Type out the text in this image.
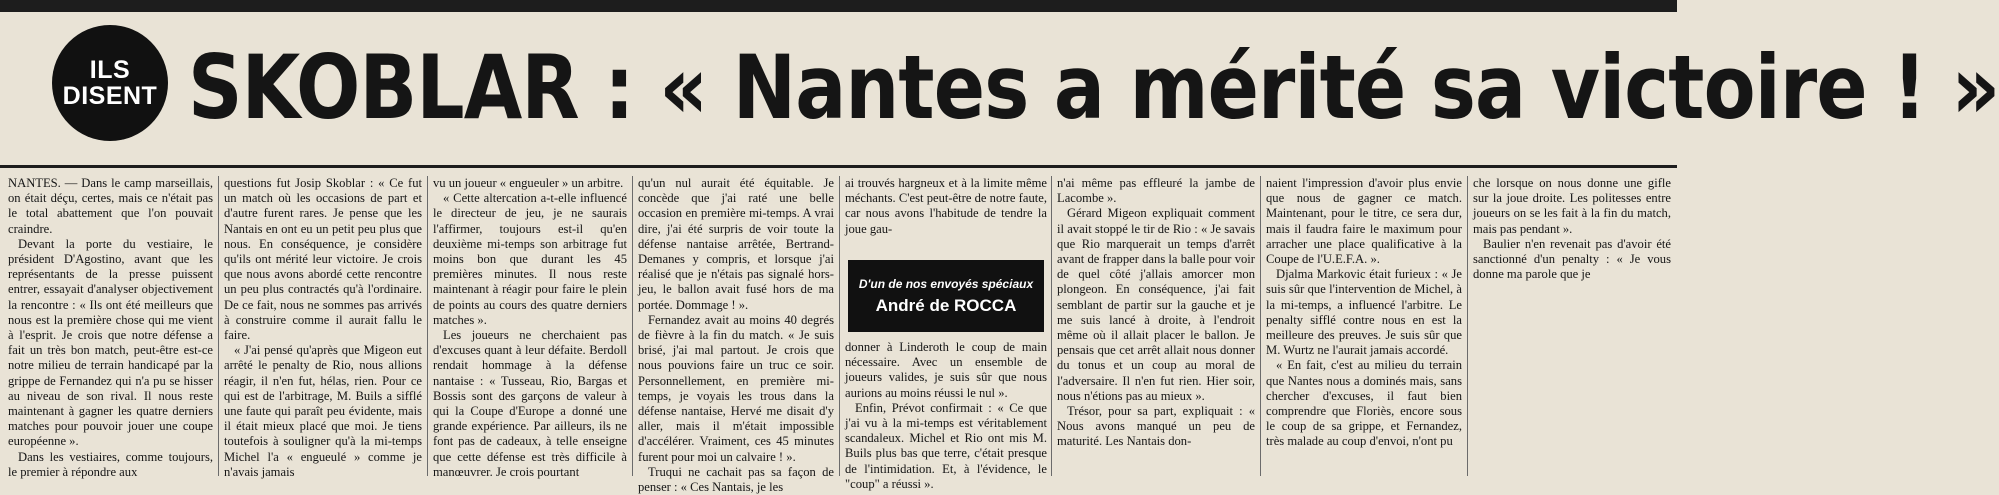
ILS
DISENT SKOBLAR : « Nantes a mérité sa victoire ! »

NANTES. — Dans le camp marseillais, on était déçu, certes, mais ce n'était pas le total abattement que l'on pouvait craindre.

Devant la porte du vestiaire, le président D'Agostino, avant que les représentants de la presse puissent entrer, essayait d'analyser objectivement la rencontre : « Ils ont été meilleurs que nous est la première chose qui me vient à l'esprit. Je crois que notre défense a fait un très bon match, peut-être est-ce notre milieu de terrain handicapé par la grippe de Fernandez qui n'a pu se hisser au niveau de son rival. Il nous reste maintenant à gagner les quatre derniers matches pour pouvoir jouer une coupe européenne ».

Dans les vestiaires, comme toujours, le premier à répondre aux

questions fut Josip Skoblar : « Ce fut un match où les occasions de part et d'autre furent rares. Je pense que les Nantais en ont eu un petit peu plus que nous. En conséquence, je considère qu'ils ont mérité leur victoire. Je crois que nous avons abordé cette rencontre un peu plus contractés qu'à l'ordinaire. De ce fait, nous ne sommes pas arrivés à construire comme il aurait fallu le faire.

« J'ai pensé qu'après que Migeon eut arrêté le penalty de Rio, nous allions réagir, il n'en fut, hélas, rien. Pour ce qui est de l'arbitrage, M. Buils a sifflé une faute qui paraît peu évidente, mais il était mieux placé que moi. Je tiens toutefois à souligner qu'à la mi-temps Michel l'a « engueulé » comme je n'avais jamais

vu un joueur « engueuler » un arbitre.

« Cette altercation a-t-elle influencé le directeur de jeu, je ne saurais l'affirmer, toujours est-il qu'en deuxième mi-temps son arbitrage fut moins bon que durant les 45 premières minutes. Il nous reste maintenant à réagir pour faire le plein de points au cours des quatre derniers matches ».

Les joueurs ne cherchaient pas d'excuses quant à leur défaite. Berdoll rendait hommage à la défense nantaise : « Tusseau, Rio, Bargas et Bossis sont des garçons de valeur à qui la Coupe d'Europe a donné une grande expérience. Par ailleurs, ils ne font pas de cadeaux, à telle enseigne que cette défense est très difficile à manœuvrer. Je crois pourtant

qu'un nul aurait été équitable. Je concède que j'ai raté une belle occasion en première mi-temps. A vrai dire, j'ai été surpris de voir toute la défense nantaise arrêtée, Bertrand-Demanes y compris, et lorsque j'ai réalisé que je n'étais pas signalé hors-jeu, le ballon avait fusé hors de ma portée. Dommage ! ».

Fernandez avait au moins 40 degrés de fièvre à la fin du match. « Je suis brisé, j'ai mal partout. Je crois que nous pouvions faire un truc ce soir. Personnellement, en première mi-temps, je voyais les trous dans la défense nantaise, Hervé me disait d'y aller, mais il m'était impossible d'accélérer. Vraiment, ces 45 minutes furent pour moi un calvaire ! ».

Truqui ne cachait pas sa façon de penser : « Ces Nantais, je les

ai trouvés hargneux et à la limite même méchants. C'est peut-être de notre faute, car nous avons l'habitude de tendre la joue gau-

D'un de nos envoyés spéciaux
André de ROCCA

donner à Linderoth le coup de main nécessaire. Avec un ensemble de joueurs valides, je suis sûr que nous aurions au moins réussi le nul ».

Enfin, Prévot confirmait : « Ce que j'ai vu à la mi-temps est véritablement scandaleux. Michel et Rio ont mis M. Buils plus bas que terre, c'était presque de l'intimidation. Et, à l'évidence, le "coup" a réussi ».

n'ai même pas effleuré la jambe de Lacombe ».

Gérard Migeon expliquait comment il avait stoppé le tir de Rio : « Je savais que Rio marquerait un temps d'arrêt avant de frapper dans la balle pour voir de quel côté j'allais amorcer mon plongeon. En conséquence, j'ai fait semblant de partir sur la gauche et je me suis lancé à droite, à l'endroit même où il allait placer le ballon. Je pensais que cet arrêt allait nous donner du tonus et un coup au moral de l'adversaire. Il n'en fut rien. Hier soir, nous n'étions pas au mieux ».

Trésor, pour sa part, expliquait : « Nous avons manqué un peu de maturité. Les Nantais don-

naient l'impression d'avoir plus envie que nous de gagner ce match. Maintenant, pour le titre, ce sera dur, mais il faudra faire le maximum pour arracher une place qualificative à la Coupe de l'U.E.F.A. ».

Djalma Markovic était furieux : « Je suis sûr que l'intervention de Michel, à la mi-temps, a influencé l'arbitre. Le penalty sifflé contre nous en est la meilleure des preuves. Je suis sûr que M. Wurtz ne l'aurait jamais accordé.

« En fait, c'est au milieu du terrain que Nantes nous a dominés mais, sans chercher d'excuses, il faut bien comprendre que Floriès, encore sous le coup de sa grippe, et Fernandez, très malade au coup d'envoi, n'ont pu

che lorsque on nous donne une gifle sur la joue droite. Les politesses entre joueurs on se les fait à la fin du match, mais pas pendant ».

Baulier n'en revenait pas d'avoir été sanctionné d'un penalty : « Je vous donne ma parole que je
